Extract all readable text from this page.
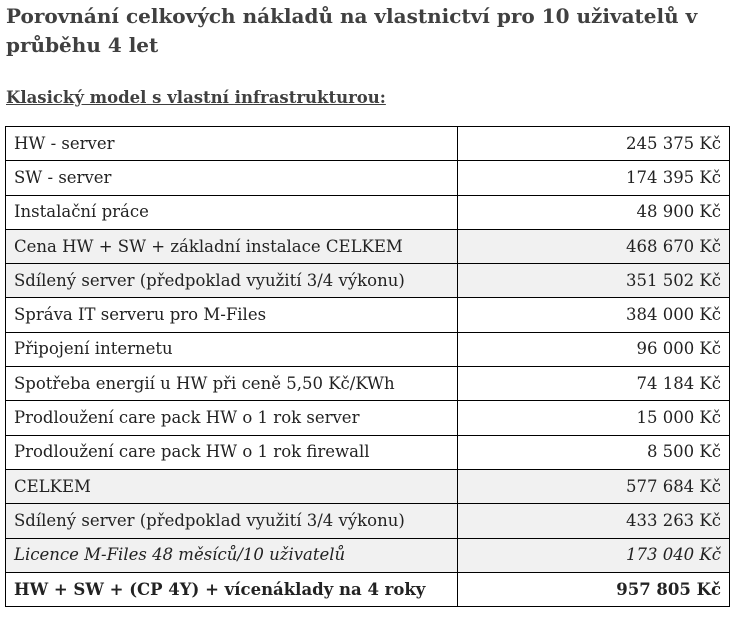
Porovnání celkových nákladů na vlastnictví pro 10 uživatelů v průběhu 4 let
Klasický model s vlastní infrastrukturou:
HW - server	245 375 Kč
SW - server	174 395 Kč
Instalační práce	48 900 Kč
Cena HW + SW + základní instalace CELKEM	468 670 Kč
Sdílený server (předpoklad využití 3/4 výkonu)	351 502 Kč
Správa IT serveru pro M-Files	384 000 Kč
Připojení internetu	96 000 Kč
Spotřeba energií u HW při ceně 5,50 Kč/KWh	74 184 Kč
Prodloužení care pack HW o 1 rok server	15 000 Kč
Prodloužení care pack HW o 1 rok firewall	8 500 Kč
CELKEM	577 684 Kč
Sdílený server (předpoklad využití 3/4 výkonu)	433 263 Kč
Licence M-Files 48 měsíců/10 uživatelů	173 040 Kč
HW + SW + (CP 4Y) + vícenáklady na 4 roky	957 805 Kč
